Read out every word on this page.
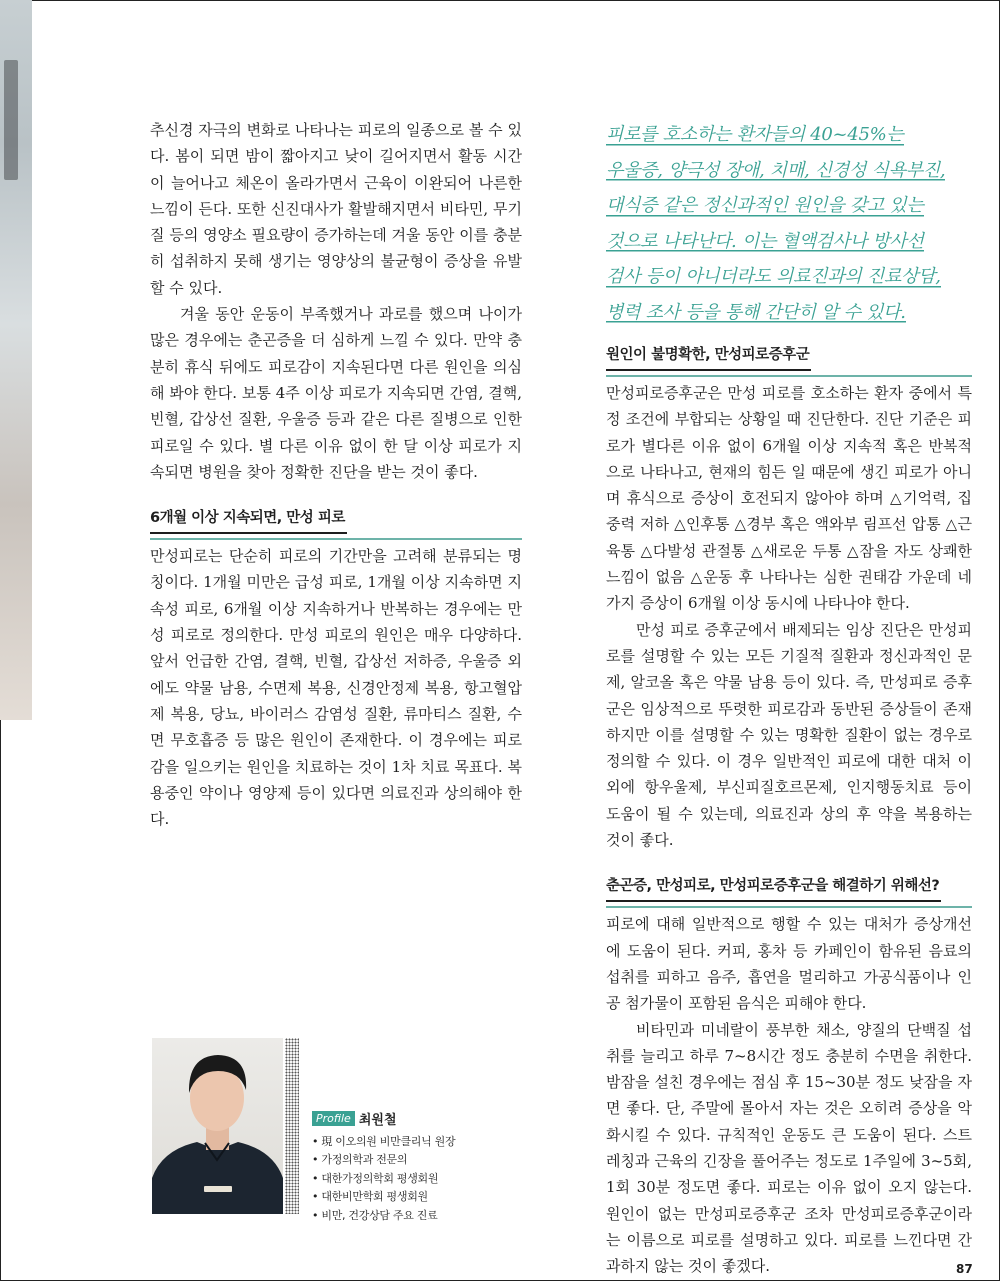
추신경 자극의 변화로 나타나는 피로의 일종으로 볼 수 있다. 봄이 되면 밤이 짧아지고 낮이 길어지면서 활동 시간이 늘어나고 체온이 올라가면서 근육이 이완되어 나른한 느낌이 든다. 또한 신진대사가 활발해지면서 비타민, 무기질 등의 영양소 필요량이 증가하는데 겨울 동안 이를 충분히 섭취하지 못해 생기는 영양상의 불균형이 증상을 유발할 수 있다.

겨울 동안 운동이 부족했거나 과로를 했으며 나이가 많은 경우에는 춘곤증을 더 심하게 느낄 수 있다. 만약 충분히 휴식 뒤에도 피로감이 지속된다면 다른 원인을 의심해 봐야 한다. 보통 4주 이상 피로가 지속되면 간염, 결핵, 빈혈, 갑상선 질환, 우울증 등과 같은 다른 질병으로 인한 피로일 수 있다. 별 다른 이유 없이 한 달 이상 피로가 지속되면 병원을 찾아 정확한 진단을 받는 것이 좋다.

6개월 이상 지속되면, 만성 피로

만성피로는 단순히 피로의 기간만을 고려해 분류되는 명칭이다. 1개월 미만은 급성 피로, 1개월 이상 지속하면 지속성 피로, 6개월 이상 지속하거나 반복하는 경우에는 만성 피로로 정의한다. 만성 피로의 원인은 매우 다양하다. 앞서 언급한 간염, 결핵, 빈혈, 갑상선 저하증, 우울증 외에도 약물 남용, 수면제 복용, 신경안정제 복용, 항고혈압제 복용, 당뇨, 바이러스 감염성 질환, 류마티스 질환, 수면 무호흡증 등 많은 원인이 존재한다. 이 경우에는 피로감을 일으키는 원인을 치료하는 것이 1차 치료 목표다. 복용중인 약이나 영양제 등이 있다면 의료진과 상의해야 한다.

피로를 호소하는 환자들의 40~45%는
우울증, 양극성 장애, 치매, 신경성 식욕부진,
대식증 같은 정신과적인 원인을 갖고 있는
것으로 나타난다. 이는 혈액검사나 방사선
검사 등이 아니더라도 의료진과의 진료상담,
병력 조사 등을 통해 간단히 알 수 있다.
원인이 불명확한, 만성피로증후군

만성피로증후군은 만성 피로를 호소하는 환자 중에서 특정 조건에 부합되는 상황일 때 진단한다. 진단 기준은 피로가 별다른 이유 없이 6개월 이상 지속적 혹은 반복적으로 나타나고, 현재의 힘든 일 때문에 생긴 피로가 아니며 휴식으로 증상이 호전되지 않아야 하며 △기억력, 집중력 저하 △인후통 △경부 혹은 액와부 림프선 압통 △근육통 △다발성 관절통 △새로운 두통 △잠을 자도 상쾌한 느낌이 없음 △운동 후 나타나는 심한 권태감 가운데 네 가지 증상이 6개월 이상 동시에 나타나야 한다.

만성 피로 증후군에서 배제되는 임상 진단은 만성피로를 설명할 수 있는 모든 기질적 질환과 정신과적인 문제, 알코올 혹은 약물 남용 등이 있다. 즉, 만성피로 증후군은 임상적으로 뚜렷한 피로감과 동반된 증상들이 존재하지만 이를 설명할 수 있는 명확한 질환이 없는 경우로 정의할 수 있다. 이 경우 일반적인 피로에 대한 대처 이외에 항우울제, 부신피질호르몬제, 인지행동치료 등이 도움이 될 수 있는데, 의료진과 상의 후 약을 복용하는 것이 좋다.

춘곤증, 만성피로, 만성피로증후군을 해결하기 위해선?

피로에 대해 일반적으로 행할 수 있는 대처가 증상개선에 도움이 된다. 커피, 홍차 등 카페인이 함유된 음료의 섭취를 피하고 음주, 흡연을 멀리하고 가공식품이나 인공 첨가물이 포함된 음식은 피해야 한다.

비타민과 미네랄이 풍부한 채소, 양질의 단백질 섭취를 늘리고 하루 7~8시간 정도 충분히 수면을 취한다. 밤잠을 설친 경우에는 점심 후 15~30분 정도 낮잠을 자면 좋다. 단, 주말에 몰아서 자는 것은 오히려 증상을 악화시킬 수 있다. 규칙적인 운동도 큰 도움이 된다. 스트레칭과 근육의 긴장을 풀어주는 정도로 1주일에 3~5회, 1회 30분 정도면 좋다. 피로는 이유 없이 오지 않는다. 원인이 없는 만성피로증후군 조차 만성피로증후군이라는 이름으로 피로를 설명하고 있다. 피로를 느낀다면 간과하지 않는 것이 좋겠다.

Profile 최원철
• 現 이오의원 비만클리닉 원장
• 가정의학과 전문의
• 대한가정의학회 평생회원
• 대한비만학회 평생회원
• 비만, 건강상담 주요 진료
87
